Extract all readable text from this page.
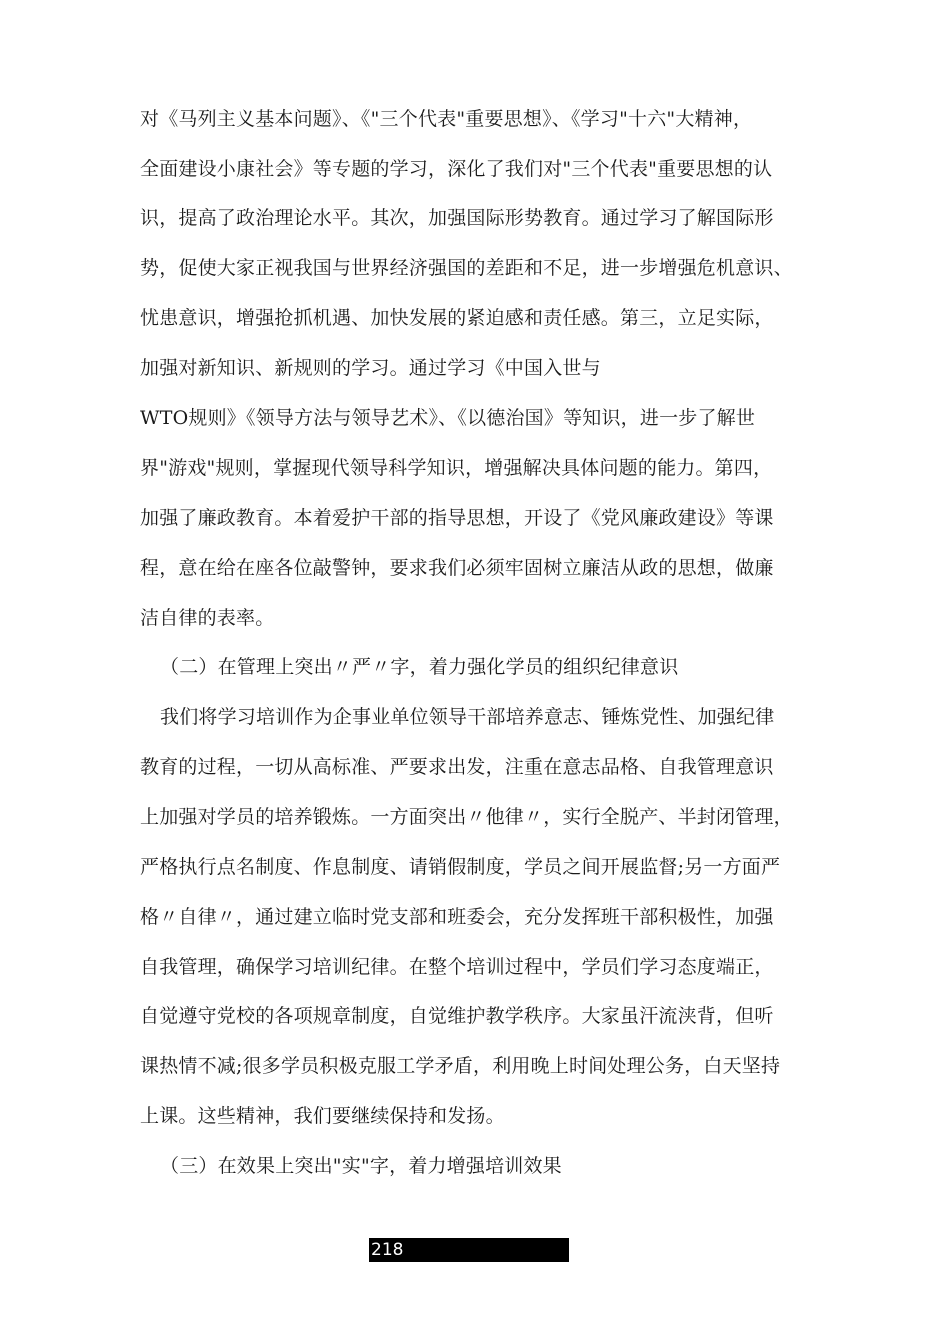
对《马列主义基本问题》、《"三个代表"重要思想》、《学习"十六"大精神，
全面建设小康社会》等专题的学习，深化了我们对"三个代表"重要思想的认
识，提高了政治理论水平。其次，加强国际形势教育。通过学习了解国际形
势，促使大家正视我国与世界经济强国的差距和不足，进一步增强危机意识、
忧患意识，增强抢抓机遇、加快发展的紧迫感和责任感。第三，立足实际，
加强对新知识、新规则的学习。通过学习《中国入世与
WTO规则》《领导方法与领导艺术》、《以德治国》等知识，进一步了解世
界"游戏"规则，掌握现代领导科学知识，增强解决具体问题的能力。第四，
加强了廉政教育。本着爱护干部的指导思想，开设了《党风廉政建设》等课
程，意在给在座各位敲警钟，要求我们必须牢固树立廉洁从政的思想，做廉
洁自律的表率。
（二）在管理上突出〃严〃字，着力强化学员的组织纪律意识
我们将学习培训作为企事业单位领导干部培养意志、锤炼党性、加强纪律
教育的过程，一切从高标准、严要求出发，注重在意志品格、自我管理意识
上加强对学员的培养锻炼。一方面突出〃他律〃，实行全脱产、半封闭管理，
严格执行点名制度、作息制度、请销假制度，学员之间开展监督;另一方面严
格〃自律〃，通过建立临时党支部和班委会，充分发挥班干部积极性，加强
自我管理，确保学习培训纪律。在整个培训过程中，学员们学习态度端正，
自觉遵守党校的各项规章制度，自觉维护教学秩序。大家虽汗流浃背，但听
课热情不减;很多学员积极克服工学矛盾，利用晚上时间处理公务，白天坚持
上课。这些精神，我们要继续保持和发扬。
（三）在效果上突出"实"字，着力增强培训效果
218
